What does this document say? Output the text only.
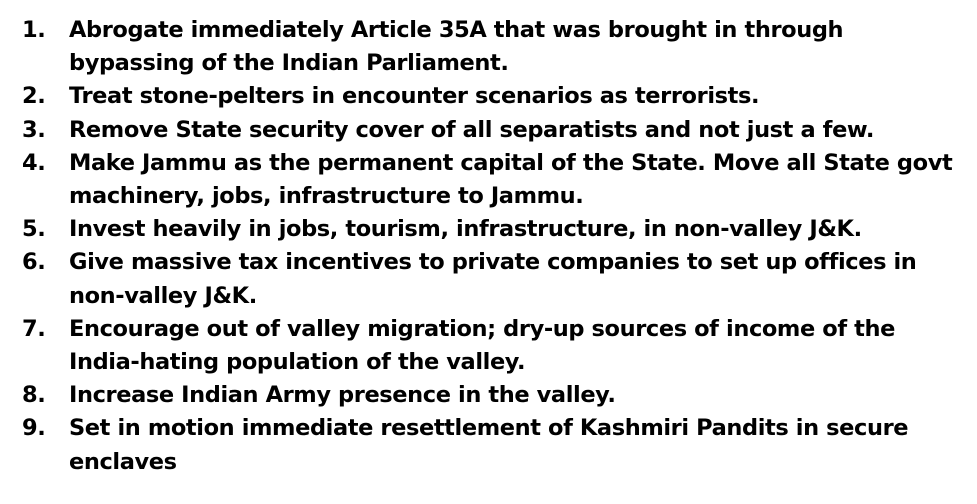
1.	Abrogate immediately Article 35A that was brought in through bypassing of the Indian Parliament.
2.	Treat stone-pelters in encounter scenarios as terrorists.
3.	Remove State security cover of all separatists and not just a few.
4.	Make Jammu as the permanent capital of the State. Move all State govt machinery, jobs, infrastructure to Jammu.
5.	Invest heavily in jobs, tourism, infrastructure, in non-valley J&K.
6.	Give massive tax incentives to private companies to set up offices in non-valley J&K.
7.	Encourage out of valley migration; dry-up sources of income of the India-hating population of the valley.
8.	Increase Indian Army presence in the valley.
9.	Set in motion immediate resettlement of Kashmiri Pandits in secure enclaves
